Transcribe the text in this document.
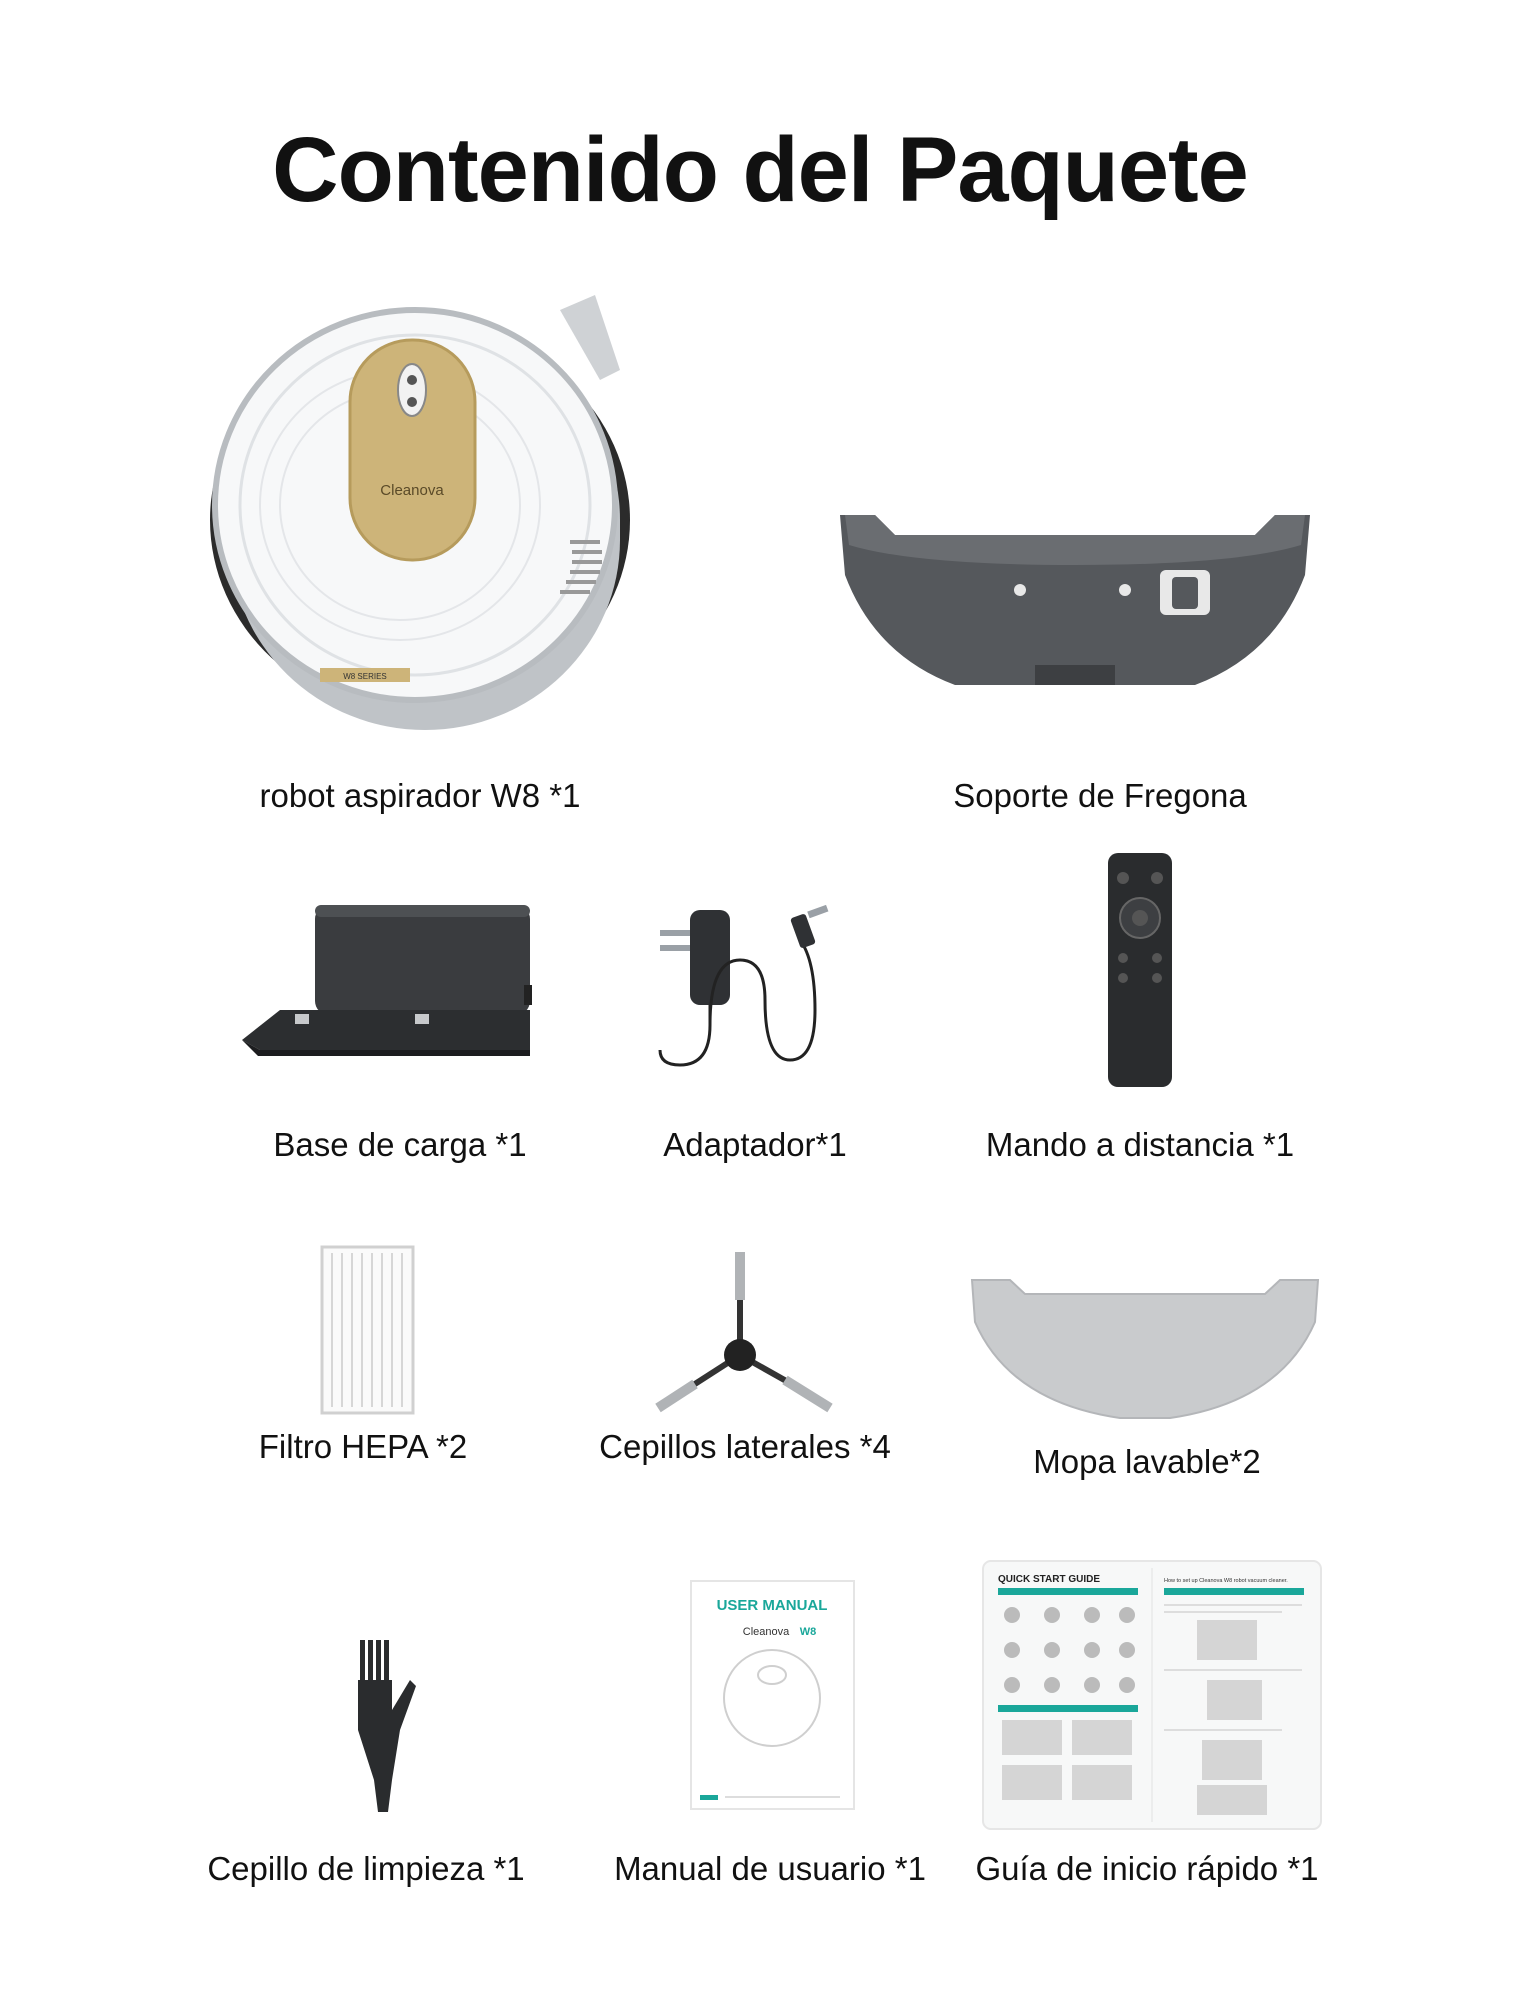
Contenido del Paquete
Cleanova
W8 SERIES
robot aspirador W8 *1	Soporte de Fregona
Base de carga *1	Adaptador*1	Mando a distancia *1
Filtro HEPA *2	Cepillos laterales *4	Mopa lavable*2
Cepillo de limpieza *1
USER MANUAL
Cleanova W8
Manual de usuario *1
QUICK START GUIDE	How to set up Cleanova W8 robot vacuum cleaner.
Guía de inicio rápido *1
